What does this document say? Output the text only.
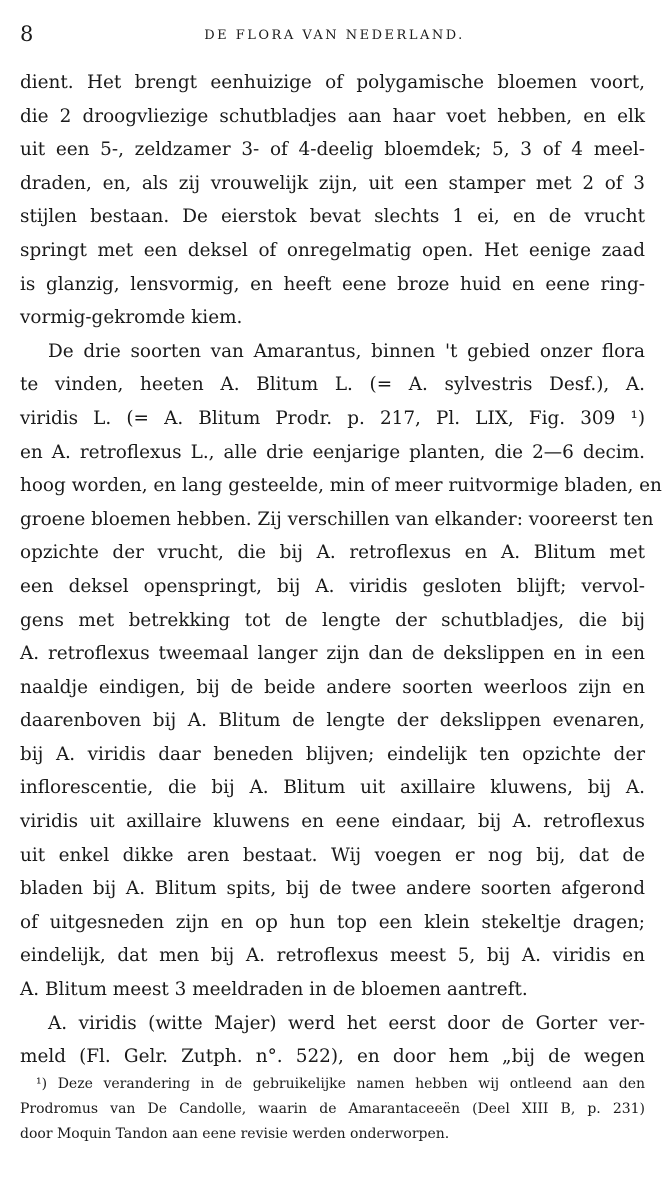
8	DE FLORA VAN NEDERLAND.
dient. Het brengt eenhuizige of polygamische bloemen voort,
die 2 droogvliezige schutbladjes aan haar voet hebben, en elk
uit een 5-, zeldzamer 3- of 4-deelig bloemdek; 5, 3 of 4 meel-
draden, en, als zij vrouwelijk zijn, uit een stamper met 2 of 3
stijlen bestaan. De eierstok bevat slechts 1 ei, en de vrucht
springt met een deksel of onregelmatig open. Het eenige zaad
is glanzig, lensvormig, en heeft eene broze huid en eene ring-
vormig-gekromde kiem.
De drie soorten van Amarantus, binnen 't gebied onzer flora
te vinden, heeten A. Blitum L. (= A. sylvestris Desf.), A.
viridis L. (= A. Blitum Prodr. p. 217, Pl. LIX, Fig. 309 ¹)
en A. retroflexus L., alle drie eenjarige planten, die 2—6 decim.
hoog worden, en lang gesteelde, min of meer ruitvormige bladen, en
groene bloemen hebben. Zij verschillen van elkander: vooreerst ten
opzichte der vrucht, die bij A. retroflexus en A. Blitum met
een deksel openspringt, bij A. viridis gesloten blijft; vervol-
gens met betrekking tot de lengte der schutbladjes, die bij
A. retroflexus tweemaal langer zijn dan de dekslippen en in een
naaldje eindigen, bij de beide andere soorten weerloos zijn en
daarenboven bij A. Blitum de lengte der dekslippen evenaren,
bij A. viridis daar beneden blijven; eindelijk ten opzichte der
inflorescentie, die bij A. Blitum uit axillaire kluwens, bij A.
viridis uit axillaire kluwens en eene eindaar, bij A. retroflexus
uit enkel dikke aren bestaat. Wij voegen er nog bij, dat de
bladen bij A. Blitum spits, bij de twee andere soorten afgerond
of uitgesneden zijn en op hun top een klein stekeltje dragen;
eindelijk, dat men bij A. retroflexus meest 5, bij A. viridis en
A. Blitum meest 3 meeldraden in de bloemen aantreft.
A. viridis (witte Majer) werd het eerst door de Gorter ver-
meld (Fl. Gelr. Zutph. n°. 522), en door hem „bij de wegen
¹) Deze verandering in de gebruikelijke namen hebben wij ontleend aan den
Prodromus van De Candolle, waarin de Amarantaceeën (Deel XIII B, p. 231)
door Moquin Tandon aan eene revisie werden onderworpen.
